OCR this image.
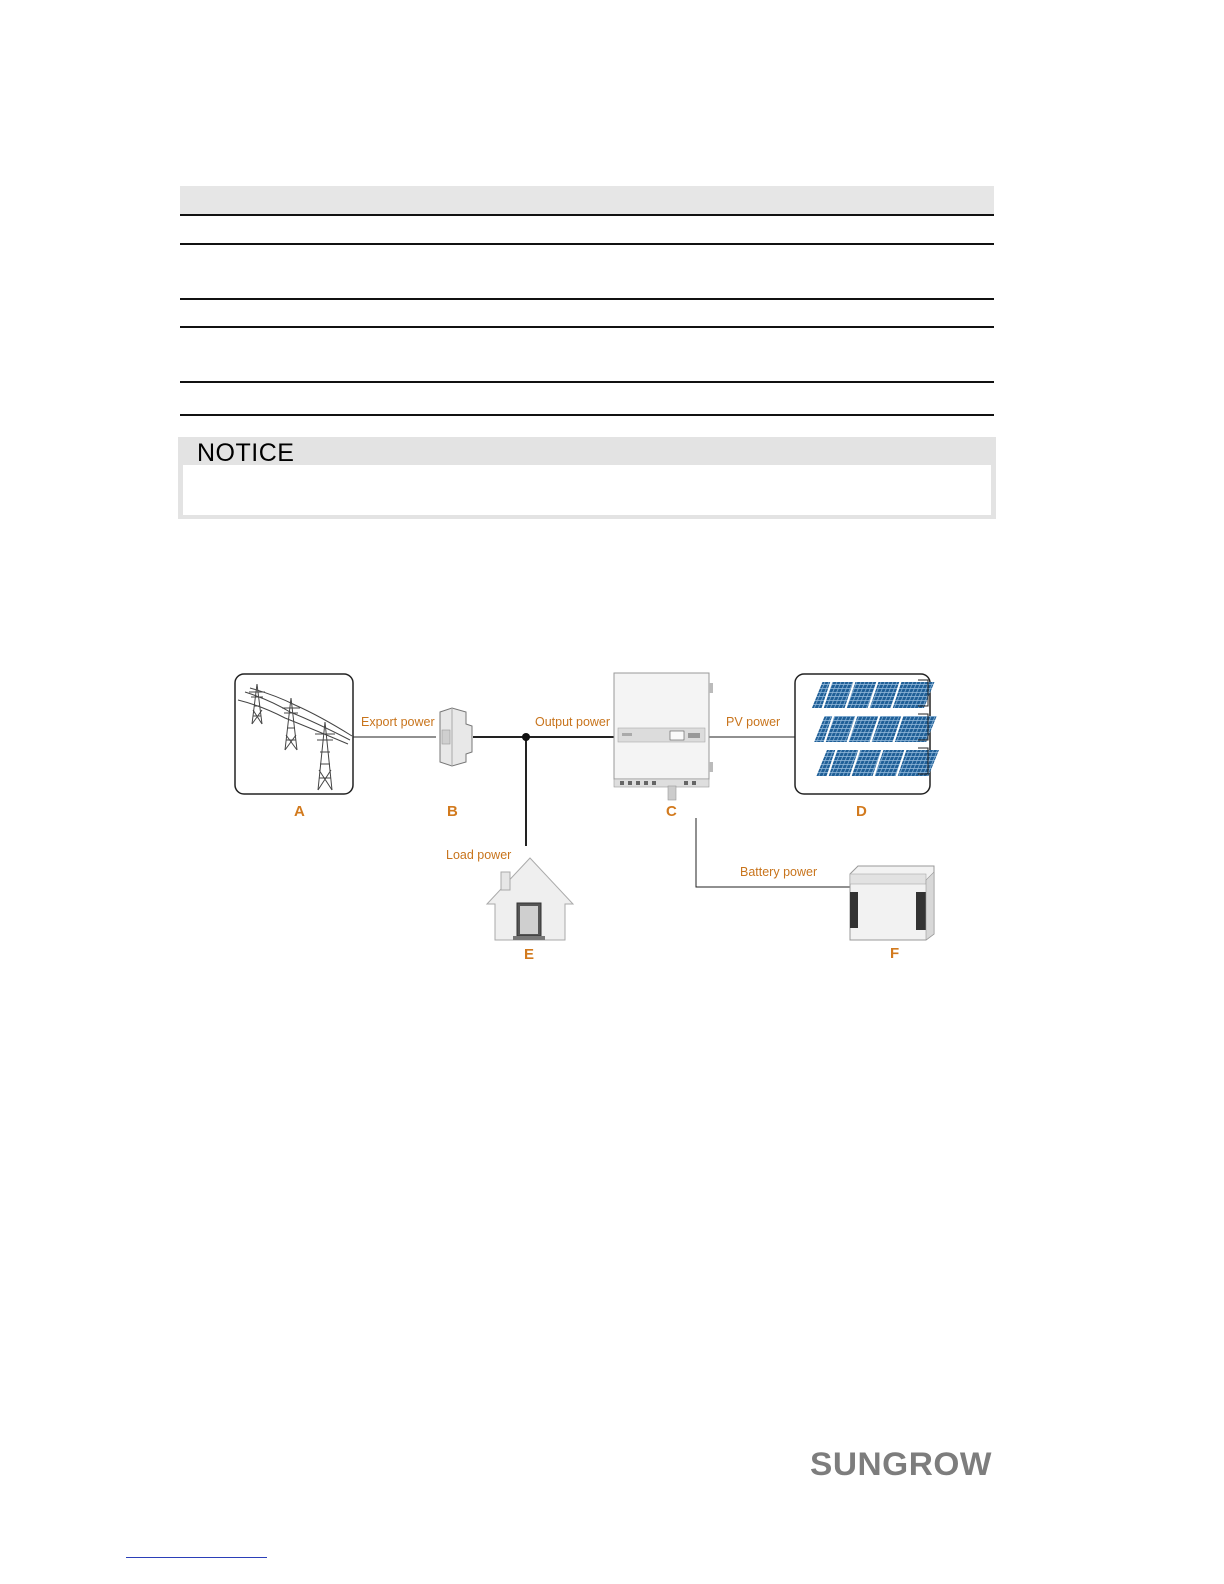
NOTICE
A	B	C	D
E	F
Export power	Output power	PV power
Load power
Battery power
SUNGROW
